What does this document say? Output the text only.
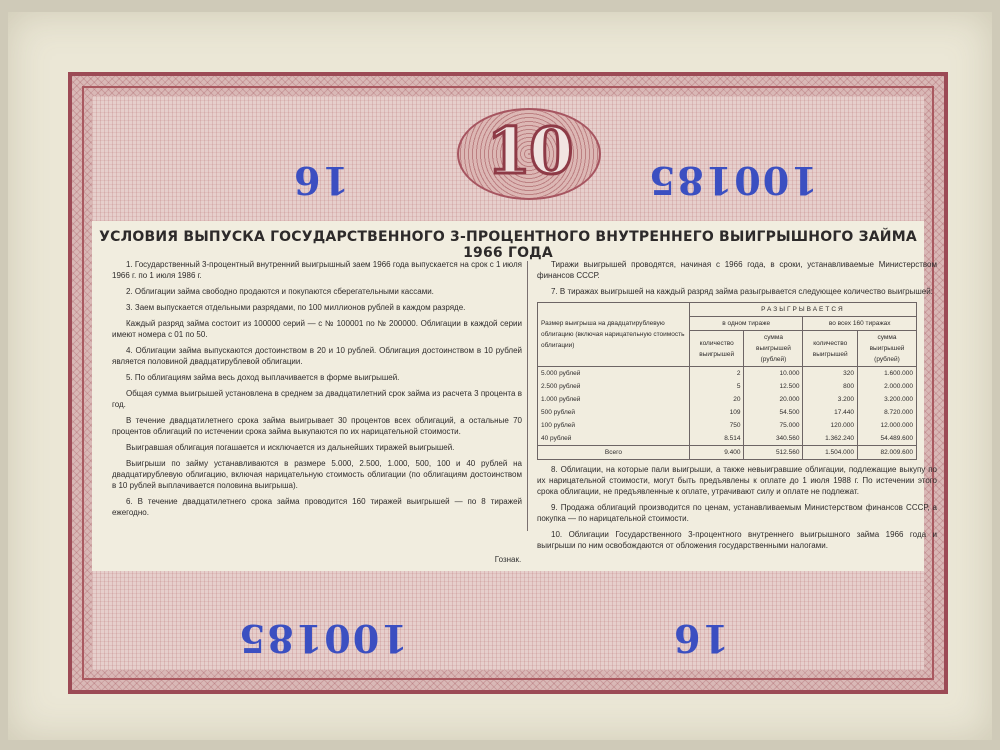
10
16	100185
100185	16
УСЛОВИЯ ВЫПУСКА ГОСУДАРСТВЕННОГО 3-ПРОЦЕНТНОГО ВНУТРЕННЕГО ВЫИГРЫШНОГО ЗАЙМА 1966 ГОДА

1. Государственный 3-процентный внутренний выигрышный заем 1966 года выпускается на срок с 1 июля 1966 г. по 1 июля 1986 г.

2. Облигации займа свободно продаются и покупаются сберегательными кассами.

3. Заем выпускается отдельными разрядами, по 100 миллионов рублей в каждом разряде.

Каждый разряд займа состоит из 100000 серий — с № 100001 по № 200000. Облигации в каждой серии имеют номера с 01 по 50.

4. Облигации займа выпускаются достоинством в 20 и 10 рублей. Облигация достоинством в 10 рублей является половиной двадцатирублевой облигации.

5. По облигациям займа весь доход выплачивается в форме выигрышей.

Общая сумма выигрышей установлена в среднем за двадцатилетний срок займа из расчета 3 процента в год.

В течение двадцатилетнего срока займа выигрывает 30 процентов всех облигаций, а остальные 70 процентов облигаций по истечении срока займа выкупаются по их нарицательной стоимости.

Выигравшая облигация погашается и исключается из дальнейших тиражей выигрышей.

Выигрыши по займу устанавливаются в размере 5.000, 2.500, 1.000, 500, 100 и 40 рублей на двадцатирублевую облигацию, включая нарицательную стоимость облигации (по облигациям достоинством в 10 рублей выплачивается половина выигрыша).

6. В течение двадцатилетнего срока займа проводится 160 тиражей выигрышей — по 8 тиражей ежегодно.

Тиражи выигрышей проводятся, начиная с 1966 года, в сроки, устанавливаемые Министерством финансов СССР.

7. В тиражах выигрышей на каждый разряд займа разыгрывается следующее количество выигрышей:

Размер выигрыша на двадцатирублевую облигацию (включая нарицательную стоимость облигации)	РАЗЫГРЫВАЕТСЯ			
	в одном тираже		во всех 160 тиражах	
	количество выигрышей	сумма выигрышей (рублей)	количество выигрышей	сумма выигрышей (рублей)
5.000 рублей	2	10.000	320	1.600.000
2.500 рублей	5	12.500	800	2.000.000
1.000 рублей	20	20.000	3.200	3.200.000
500 рублей	109	54.500	17.440	8.720.000
100 рублей	750	75.000	120.000	12.000.000
40 рублей	8.514	340.560	1.362.240	54.489.600
Всего	9.400	512.560	1.504.000	82.009.600

8. Облигации, на которые пали выигрыши, а также невыигравшие облигации, подлежащие выкупу по их нарицательной стоимости, могут быть предъявлены к оплате до 1 июля 1988 г. По истечении этого срока облигации, не предъявленные к оплате, утрачивают силу и оплате не подлежат.

9. Продажа облигаций производится по ценам, устанавливаемым Министерством финансов СССР, а покупка — по нарицательной стоимости.

10. Облигации Государственного 3-процентного внутреннего выигрышного займа 1966 года и выигрыши по ним освобождаются от обложения государственными налогами.

Гознак.
